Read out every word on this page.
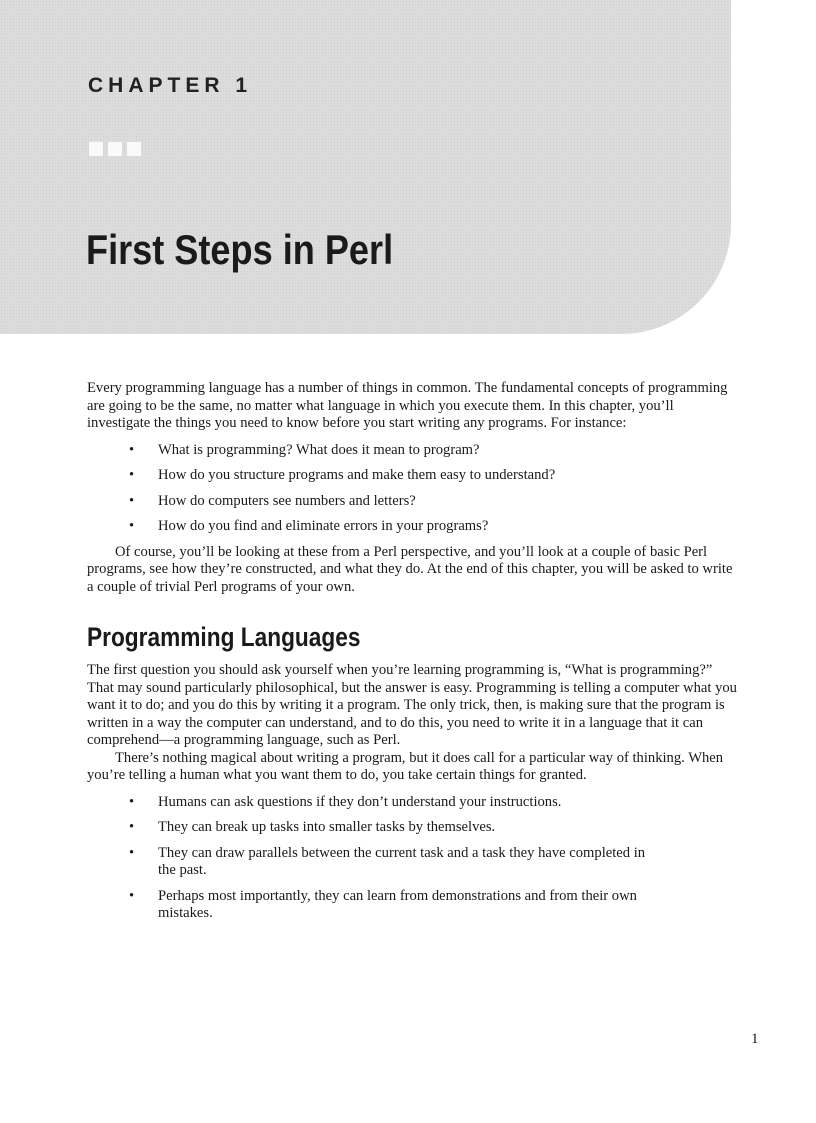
CHAPTER 1
First Steps in Perl

Every programming language has a number of things in common. The fundamental concepts of programming are going to be the same, no matter what language in which you execute them. In this chapter, you’ll investigate the things you need to know before you start writing any programs. For instance:

• What is programming? What does it mean to program?
• How do you structure programs and make them easy to understand?
• How do computers see numbers and letters?
• How do you find and eliminate errors in your programs?

Of course, you’ll be looking at these from a Perl perspective, and you’ll look at a couple of basic Perl programs, see how they’re constructed, and what they do. At the end of this chapter, you will be asked to write a couple of trivial Perl programs of your own.

Programming Languages

The first question you should ask yourself when you’re learning programming is, “What is programming?” That may sound particularly philosophical, but the answer is easy. Programming is telling a computer what you want it to do; and you do this by writing it a program. The only trick, then, is making sure that the program is written in a way the computer can understand, and to do this, you need to write it in a language that it can comprehend—a programming language, such as Perl.

There’s nothing magical about writing a program, but it does call for a particular way of thinking. When you’re telling a human what you want them to do, you take certain things for granted.

• Humans can ask questions if they don’t understand your instructions.
• They can break up tasks into smaller tasks by themselves.
• They can draw parallels between the current task and a task they have completed in the past.
• Perhaps most importantly, they can learn from demonstrations and from their own mistakes.
1
